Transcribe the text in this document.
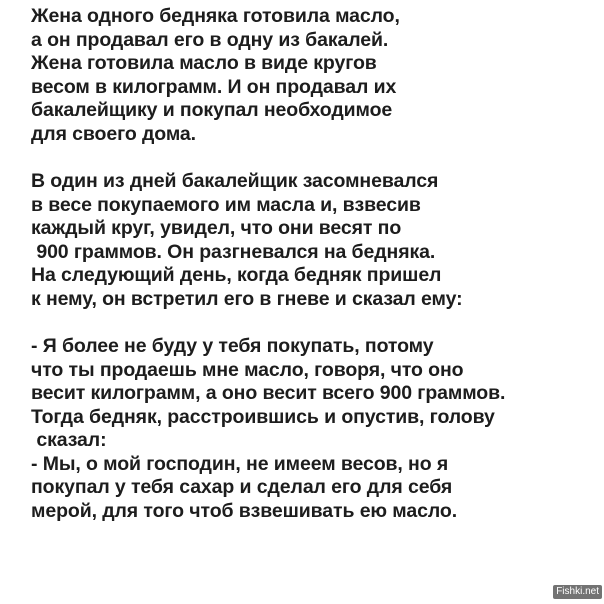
Жена одного бедняка готовила масло,
а он продавал его в одну из бакалей.
Жена готовила масло в виде кругов
весом в килограмм. И он продавал их
бакалейщику и покупал необходимое
для своего дома.
В один из дней бакалейщик засомневался
в весе покупаемого им масла и, взвесив
каждый круг, увидел, что они весят по
900 граммов. Он разгневался на бедняка.
На следующий день, когда бедняк пришел
к нему, он встретил его в гневе и сказал ему:
- Я более не буду у тебя покупать, потому
что ты продаешь мне масло, говоря, что оно
весит килограмм, а оно весит всего 900 граммов.
Тогда бедняк, расстроившись и опустив, голову
сказал:
- Мы, о мой господин, не имеем весов, но я
покупал у тебя сахар и сделал его для себя
мерой, для того чтоб взвешивать ею масло.
Fishki.net
